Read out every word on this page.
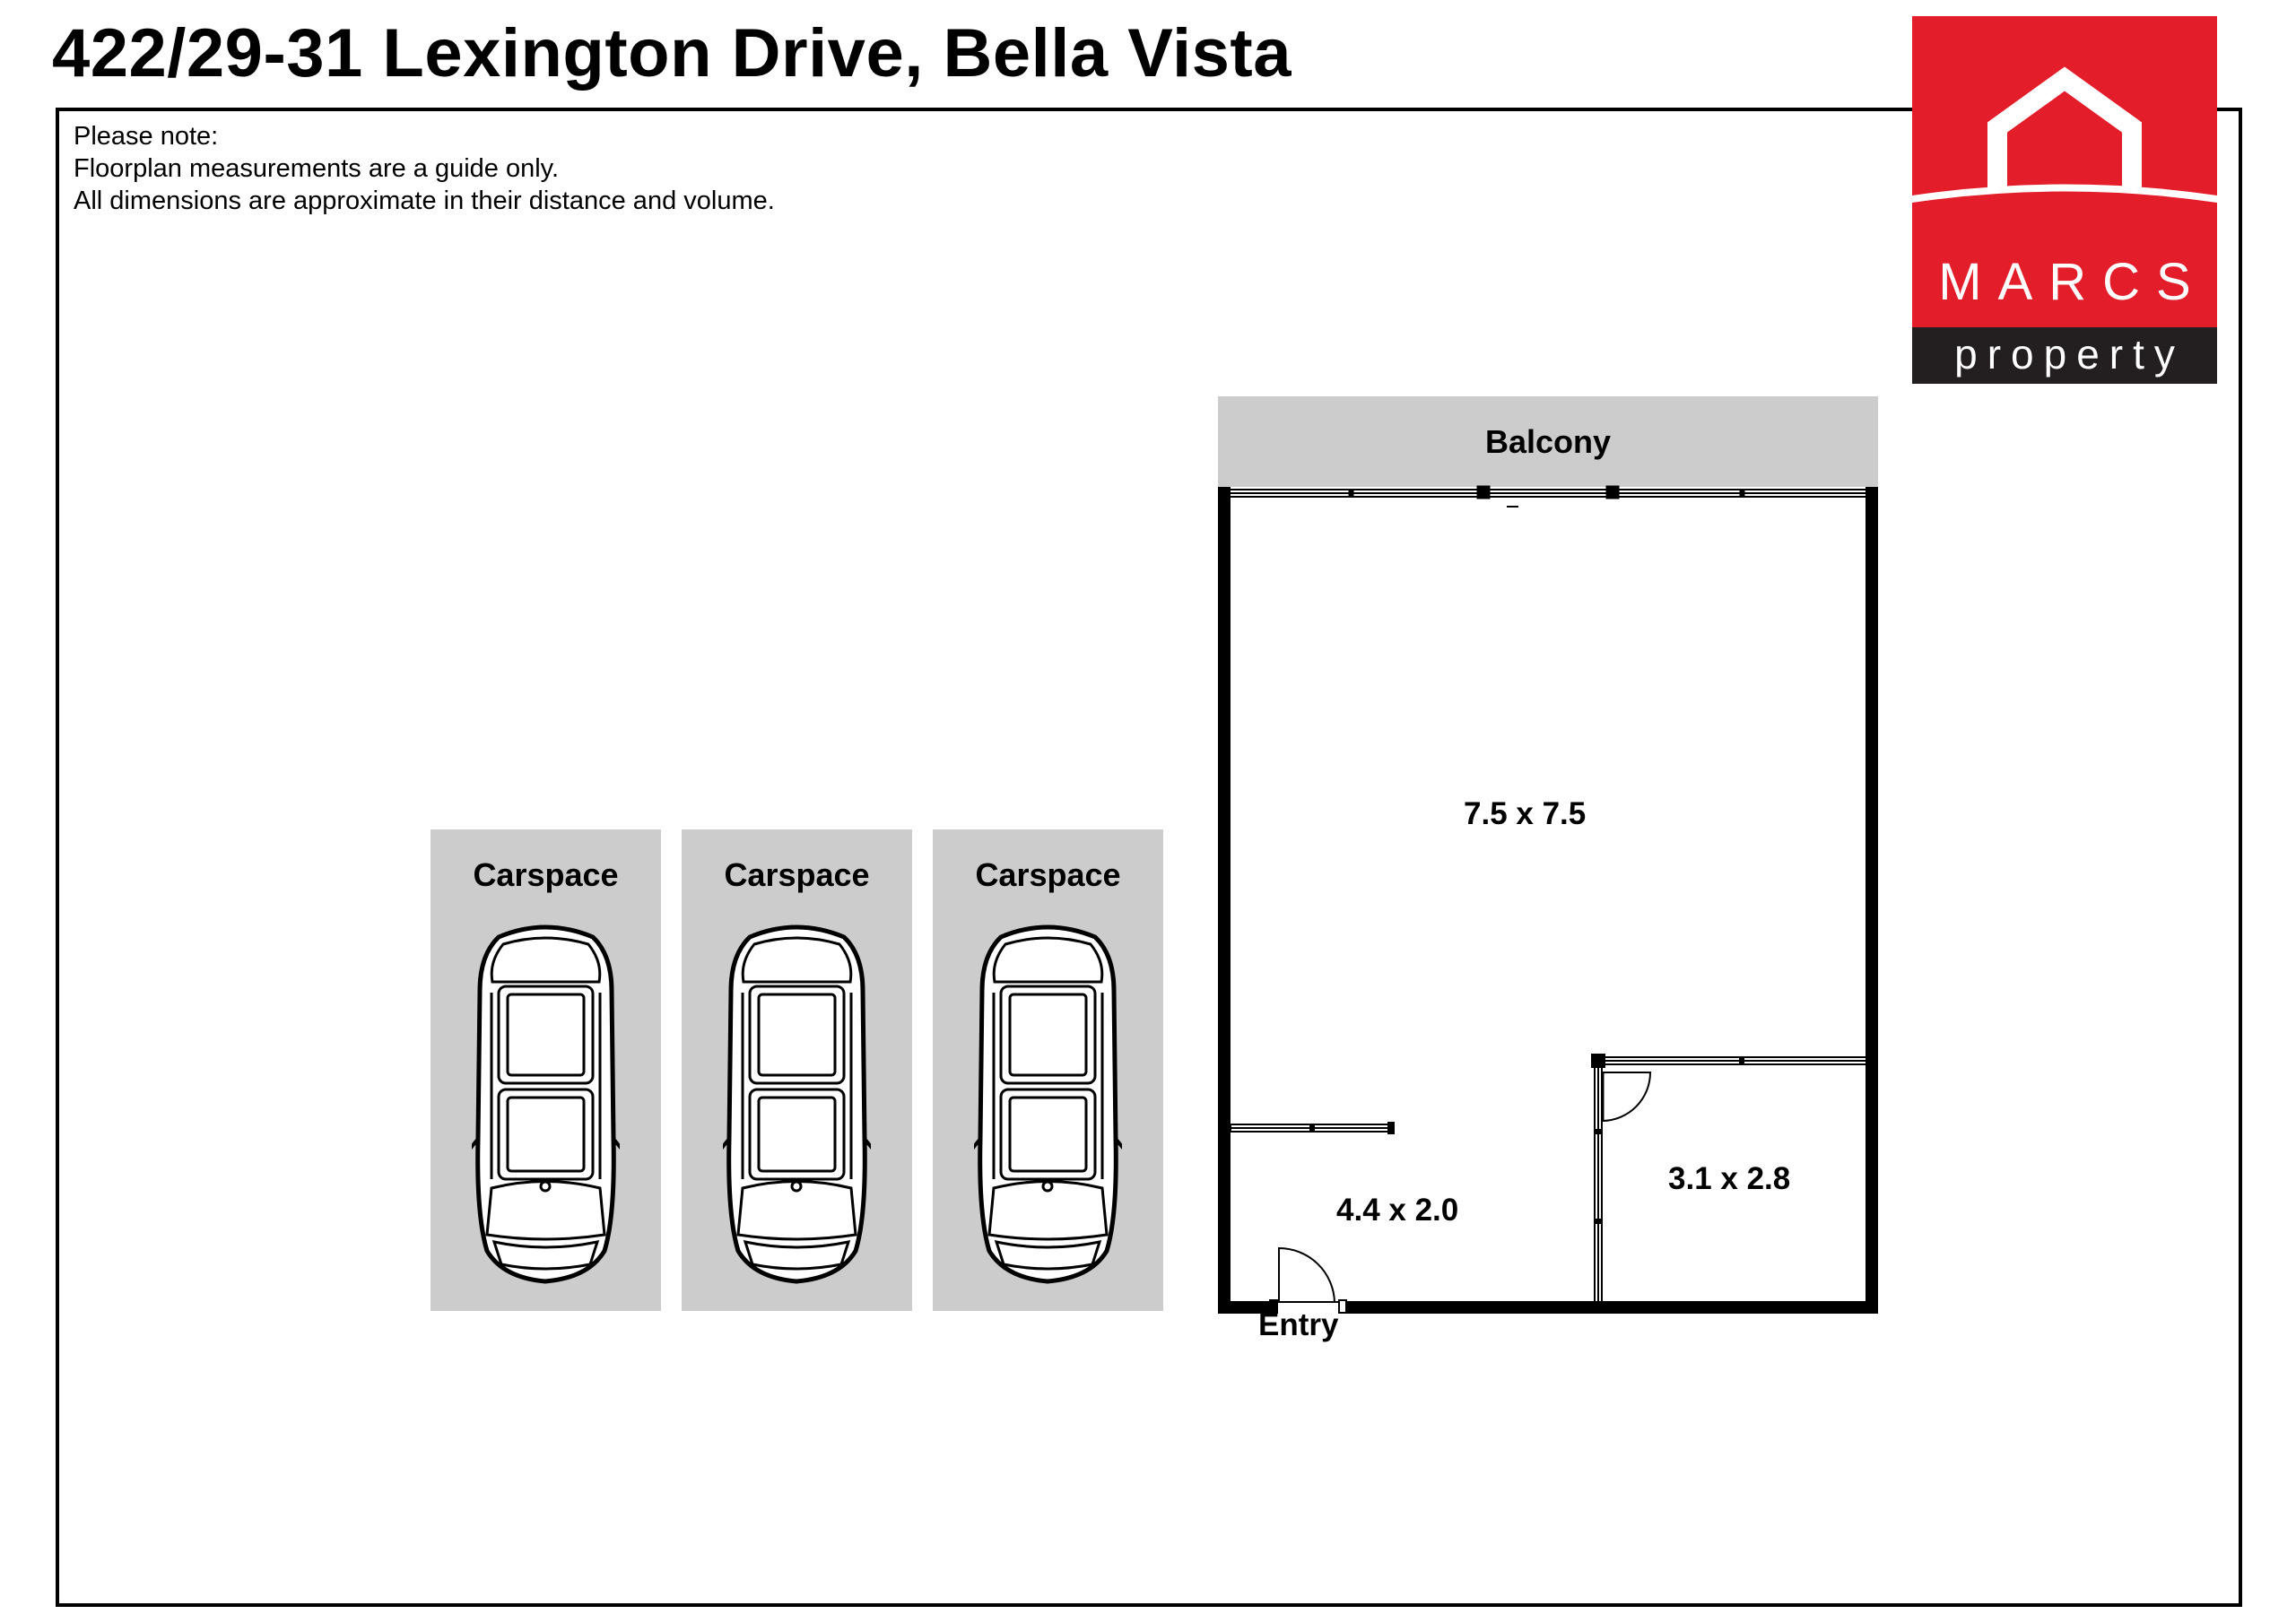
422/29-31 Lexington Drive, Bella Vista
Please note:
Floorplan measurements are a guide only.
All dimensions are approximate in their distance and volume.
MARCS
property
Carspace	Carspace	Carspace
Balcony
7.5 x 7.5
4.4 x 2.0
3.1 x 2.8
Entry
